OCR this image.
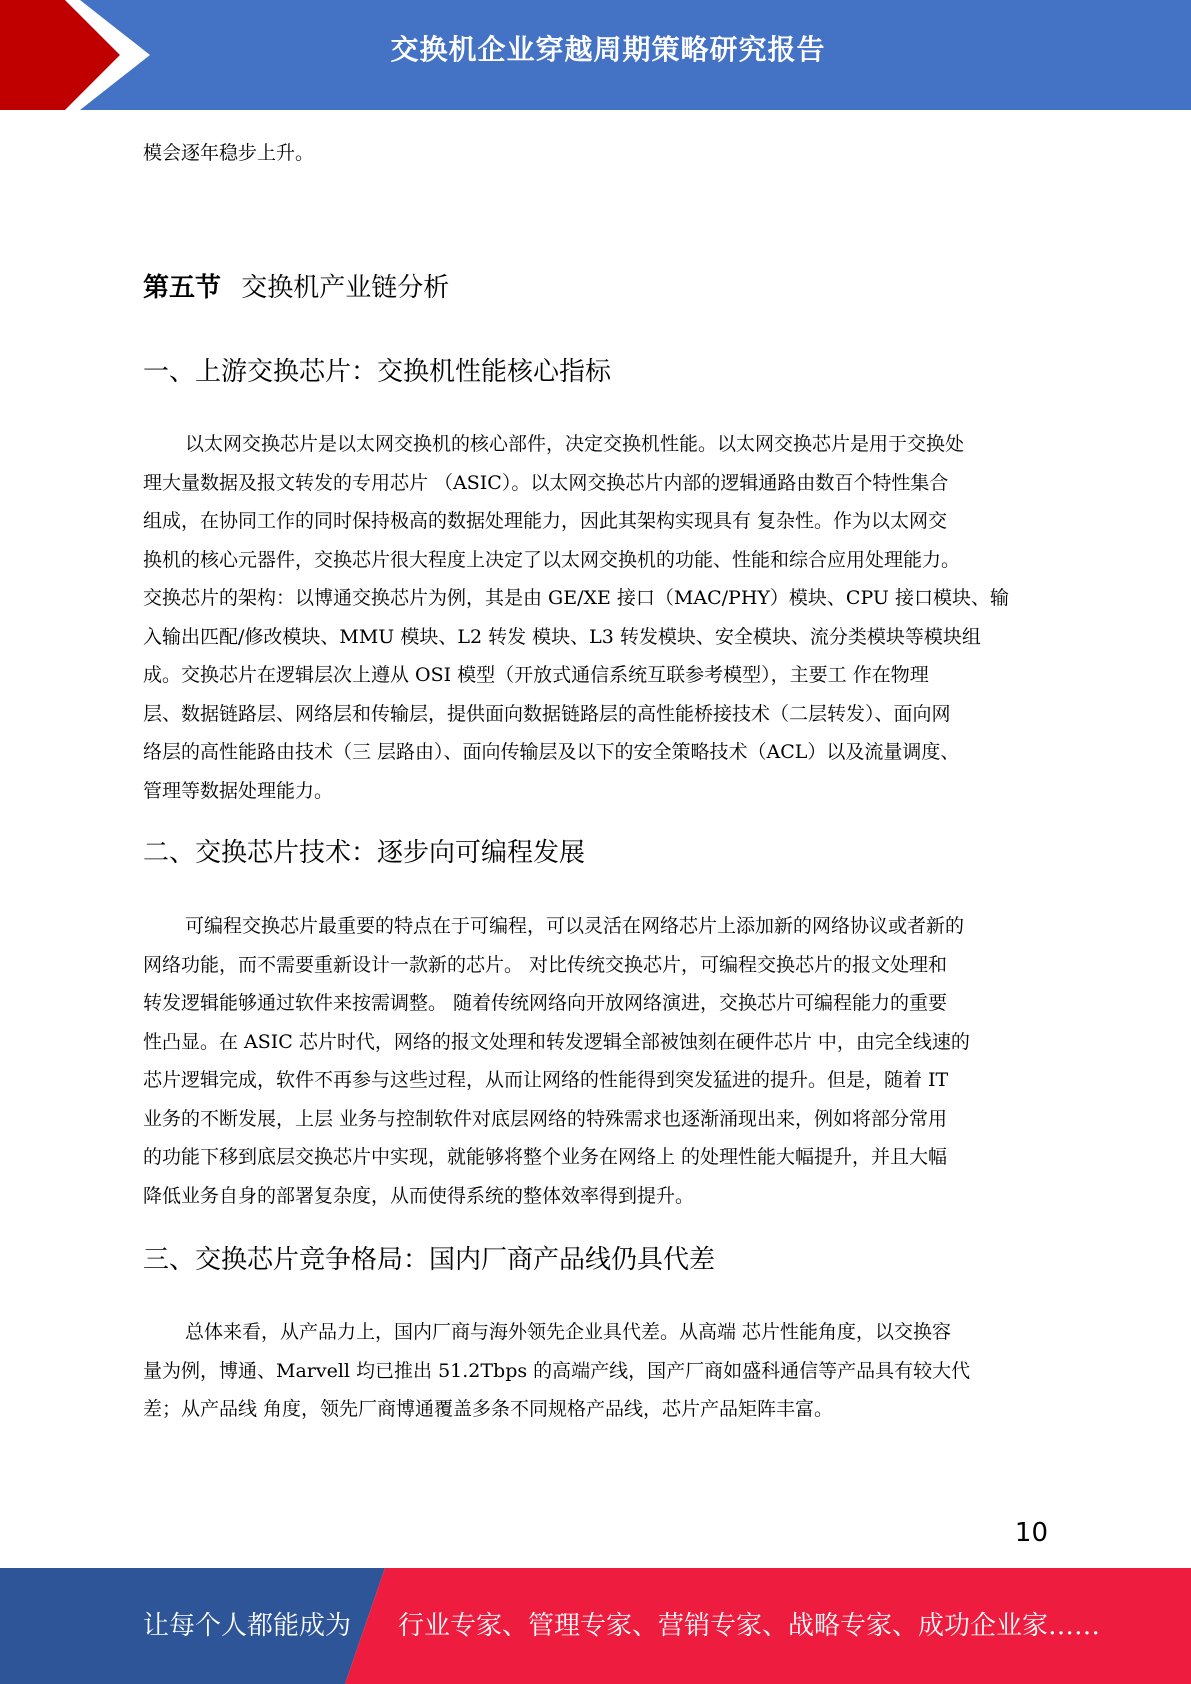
交换机企业穿越周期策略研究报告

模会逐年稳步上升。

第五节 交换机产业链分析
一、上游交换芯片：交换机性能核心指标
以太网交换芯片是以太网交换机的核心部件，决定交换机性能。以太网交换芯片是用于交换处
理大量数据及报文转发的专用芯片 （ASIC）。以太网交换芯片内部的逻辑通路由数百个特性集合
组成，在协同工作的同时保持极高的数据处理能力，因此其架构实现具有 复杂性。作为以太网交
换机的核心元器件，交换芯片很大程度上决定了以太网交换机的功能、性能和综合应用处理能力。
交换芯片的架构：以博通交换芯片为例，其是由 GE/XE 接口（MAC/PHY）模块、CPU 接口模块、输
入输出匹配/修改模块、MMU 模块、L2 转发 模块、L3 转发模块、安全模块、流分类模块等模块组
成。交换芯片在逻辑层次上遵从 OSI 模型（开放式通信系统互联参考模型），主要工 作在物理
层、数据链路层、网络层和传输层，提供面向数据链路层的高性能桥接技术（二层转发）、面向网
络层的高性能路由技术（三 层路由）、面向传输层及以下的安全策略技术（ACL）以及流量调度、
管理等数据处理能力。
二、交换芯片技术：逐步向可编程发展
可编程交换芯片最重要的特点在于可编程，可以灵活在网络芯片上添加新的网络协议或者新的
网络功能，而不需要重新设计一款新的芯片。 对比传统交换芯片，可编程交换芯片的报文处理和
转发逻辑能够通过软件来按需调整。 随着传统网络向开放网络演进，交换芯片可编程能力的重要
性凸显。在 ASIC 芯片时代，网络的报文处理和转发逻辑全部被蚀刻在硬件芯片 中，由完全线速的
芯片逻辑完成，软件不再参与这些过程，从而让网络的性能得到突发猛进的提升。但是，随着 IT
业务的不断发展，上层 业务与控制软件对底层网络的特殊需求也逐渐涌现出来，例如将部分常用
的功能下移到底层交换芯片中实现，就能够将整个业务在网络上 的处理性能大幅提升，并且大幅
降低业务自身的部署复杂度，从而使得系统的整体效率得到提升。
三、交换芯片竞争格局：国内厂商产品线仍具代差
总体来看，从产品力上，国内厂商与海外领先企业具代差。从高端 芯片性能角度，以交换容
量为例，博通、Marvell 均已推出 51.2Tbps 的高端产线，国产厂商如盛科通信等产品具有较大代
差；从产品线 角度，领先厂商博通覆盖多条不同规格产品线，芯片产品矩阵丰富。
10
让每个人都能成为 行业专家、管理专家、营销专家、战略专家、成功企业家……
